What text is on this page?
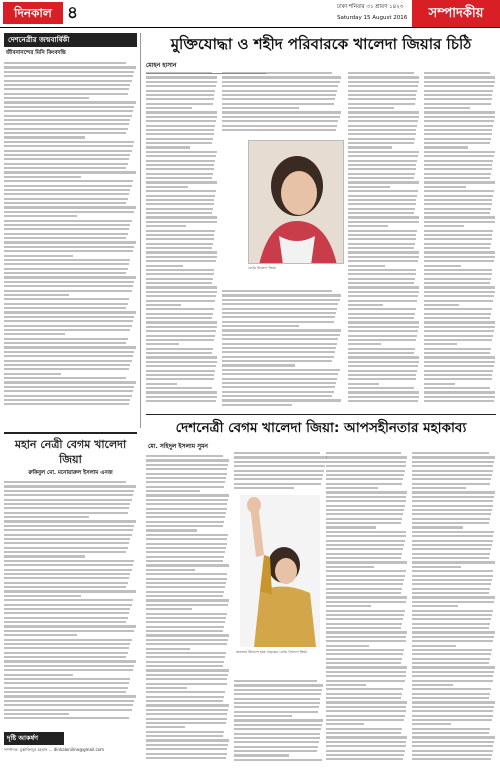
দিনকাল ৪	ঢাকা শনিবার ৩১ শ্রাবণ ১৪২৩
Saturday 15 August 2016	সম্পাদকীয়
দেশনেত্রীর জন্মবার্ষিকী
জীবনানন্দের মিনি কিংবদন্তি
মহান নেত্রী বেগম খালেদা জিয়া
রুকিবুল মো. মনোয়ারুল ইসলাম এনজ
দৃষ্টি আকর্ষণ
সম্পাদক: মুস্তাফিজুর রহমান ... dinkaloniline@gmail.com
মুক্তিযোদ্ধা ও শহীদ পরিবারকে খালেদা জিয়ার চিঠি
মোহন হাসান
বেগম খালেদা জিয়া
দেশনেত্রী বেগম খালেদা জিয়া: আপসহীনতার মহাকাব্য
মো. সহিদুল ইসলাম সুমন
জনতার উদ্দেশে হাত নাড়ছেন বেগম খালেদা জিয়া
